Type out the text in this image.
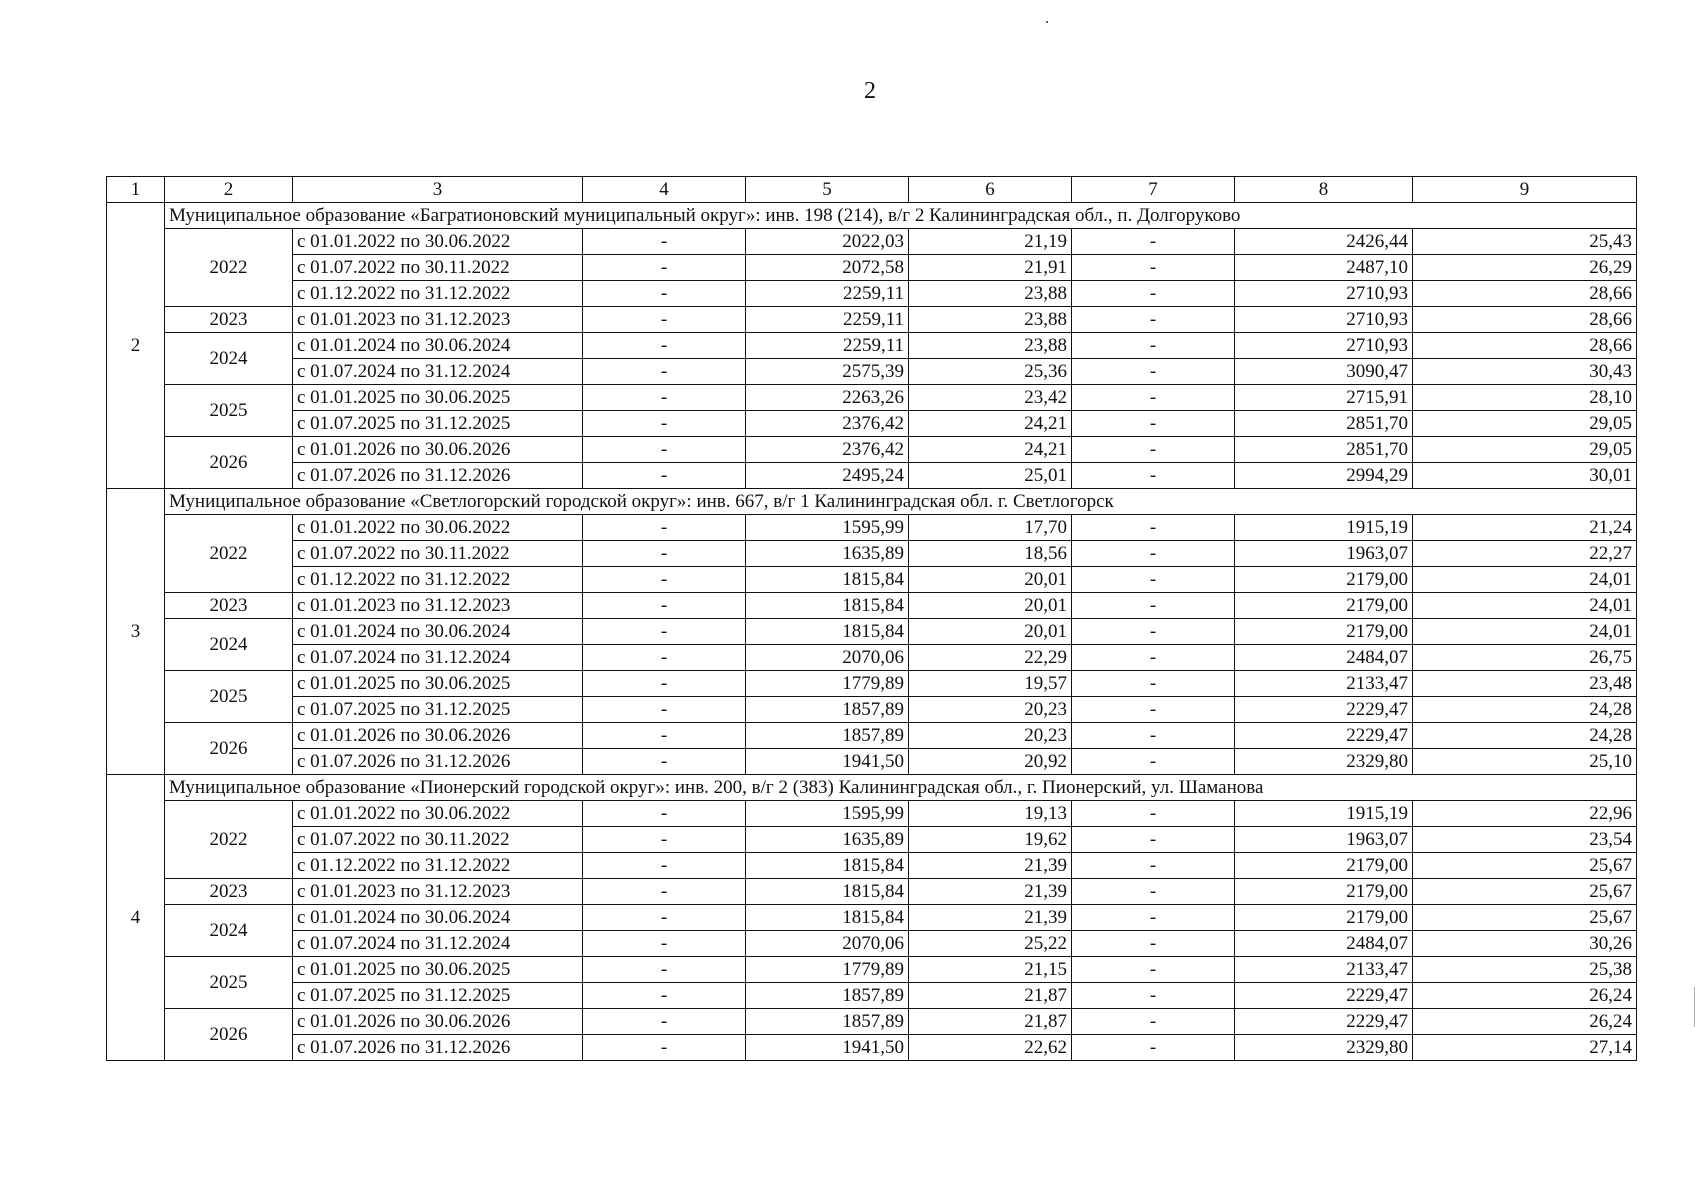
2
1	2	3	4	5	6	7	8	9
2	Муниципальное образование «Багратионовский муниципальный округ»: инв. 198 (214), в/г 2 Калининградская обл., п. Долгоруково							
	2022	с 01.01.2022 по 30.06.2022	-	2022,03	21,19	-	2426,44	25,43
		с 01.07.2022 по 30.11.2022	-	2072,58	21,91	-	2487,10	26,29
		с 01.12.2022 по 31.12.2022	-	2259,11	23,88	-	2710,93	28,66
	2023	с 01.01.2023 по 31.12.2023	-	2259,11	23,88	-	2710,93	28,66
	2024	с 01.01.2024 по 30.06.2024	-	2259,11	23,88	-	2710,93	28,66
		с 01.07.2024 по 31.12.2024	-	2575,39	25,36	-	3090,47	30,43
	2025	с 01.01.2025 по 30.06.2025	-	2263,26	23,42	-	2715,91	28,10
		с 01.07.2025 по 31.12.2025	-	2376,42	24,21	-	2851,70	29,05
	2026	с 01.01.2026 по 30.06.2026	-	2376,42	24,21	-	2851,70	29,05
		с 01.07.2026 по 31.12.2026	-	2495,24	25,01	-	2994,29	30,01
3	Муниципальное образование «Светлогорский городской округ»: инв. 667, в/г 1 Калининградская обл. г. Светлогорск							
	2022	с 01.01.2022 по 30.06.2022	-	1595,99	17,70	-	1915,19	21,24
		с 01.07.2022 по 30.11.2022	-	1635,89	18,56	-	1963,07	22,27
		с 01.12.2022 по 31.12.2022	-	1815,84	20,01	-	2179,00	24,01
	2023	с 01.01.2023 по 31.12.2023	-	1815,84	20,01	-	2179,00	24,01
	2024	с 01.01.2024 по 30.06.2024	-	1815,84	20,01	-	2179,00	24,01
		с 01.07.2024 по 31.12.2024	-	2070,06	22,29	-	2484,07	26,75
	2025	с 01.01.2025 по 30.06.2025	-	1779,89	19,57	-	2133,47	23,48
		с 01.07.2025 по 31.12.2025	-	1857,89	20,23	-	2229,47	24,28
	2026	с 01.01.2026 по 30.06.2026	-	1857,89	20,23	-	2229,47	24,28
		с 01.07.2026 по 31.12.2026	-	1941,50	20,92	-	2329,80	25,10
4	Муниципальное образование «Пионерский городской округ»: инв. 200, в/г 2 (383) Калининградская обл., г. Пионерский, ул. Шаманова							
	2022	с 01.01.2022 по 30.06.2022	-	1595,99	19,13	-	1915,19	22,96
		с 01.07.2022 по 30.11.2022	-	1635,89	19,62	-	1963,07	23,54
		с 01.12.2022 по 31.12.2022	-	1815,84	21,39	-	2179,00	25,67
	2023	с 01.01.2023 по 31.12.2023	-	1815,84	21,39	-	2179,00	25,67
	2024	с 01.01.2024 по 30.06.2024	-	1815,84	21,39	-	2179,00	25,67
		с 01.07.2024 по 31.12.2024	-	2070,06	25,22	-	2484,07	30,26
	2025	с 01.01.2025 по 30.06.2025	-	1779,89	21,15	-	2133,47	25,38
		с 01.07.2025 по 31.12.2025	-	1857,89	21,87	-	2229,47	26,24
	2026	с 01.01.2026 по 30.06.2026	-	1857,89	21,87	-	2229,47	26,24
		с 01.07.2026 по 31.12.2026	-	1941,50	22,62	-	2329,80	27,14
